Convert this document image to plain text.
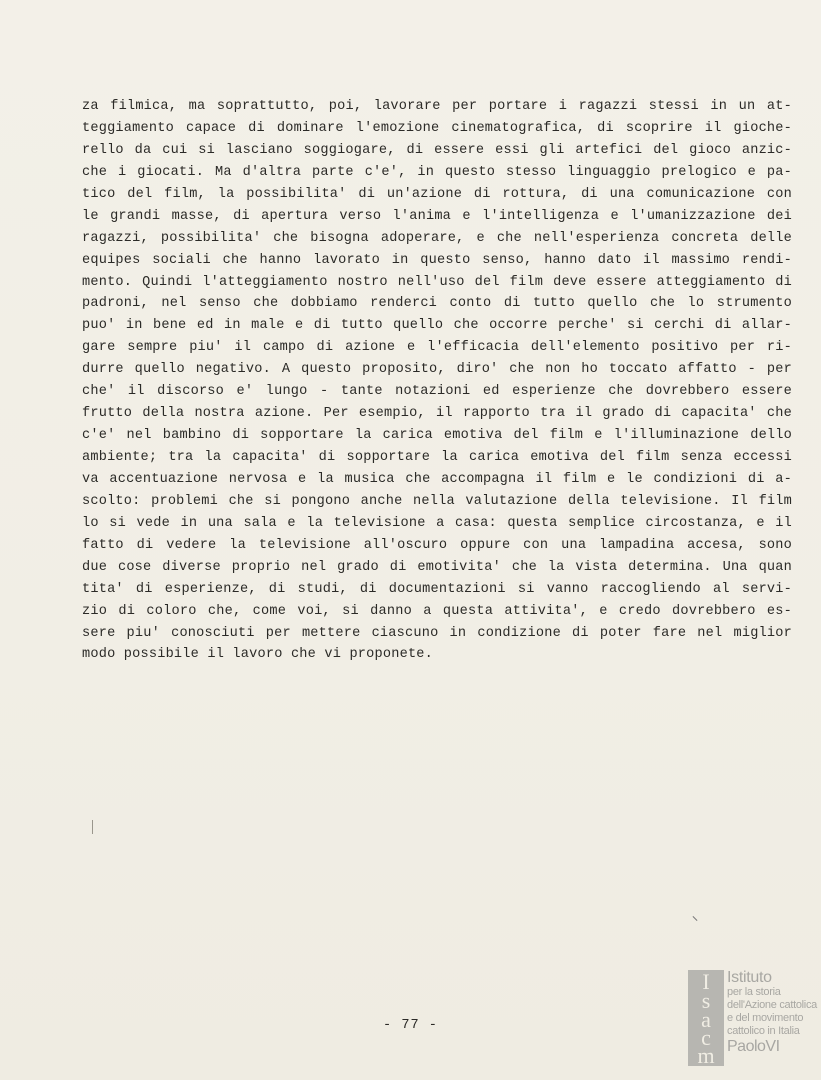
za filmica, ma soprattutto, poi, lavorare per portare i ragazzi stessi in un at-
teggiamento capace di dominare l'emozione cinematografica, di scoprire il gioche-
rello da cui si lasciano soggiogare, di essere essi gli artefici del gioco anzic-
che i giocati. Ma d'altra parte c'e', in questo stesso linguaggio prelogico e pa-
tico del film, la possibilita' di un'azione di rottura, di una comunicazione con
le grandi masse, di apertura verso l'anima e l'intelligenza e l'umanizzazione dei
ragazzi, possibilita' che bisogna adoperare, e che nell'esperienza concreta delle
equipes sociali che hanno lavorato in questo senso, hanno dato il massimo rendi-
mento. Quindi l'atteggiamento nostro nell'uso del film deve essere atteggiamento di
padroni, nel senso che dobbiamo renderci conto di tutto quello che lo strumento
puo' in bene ed in male e di tutto quello che occorre perche' si cerchi di allar-
gare sempre piu' il campo di azione e l'efficacia dell'elemento positivo per ri-
durre quello negativo. A questo proposito, diro' che non ho toccato affatto - per
che' il discorso e' lungo - tante notazioni ed esperienze che dovrebbero essere
frutto della nostra azione. Per esempio, il rapporto tra il grado di capacita' che
c'e' nel bambino di sopportare la carica emotiva del film e l'illuminazione dello
ambiente; tra la capacita' di sopportare la carica emotiva del film senza eccessi
va accentuazione nervosa e la musica che accompagna il film e le condizioni di a-
scolto: problemi che si pongono anche nella valutazione della televisione. Il film
lo si vede in una sala e la televisione a casa: questa semplice circostanza, e il
fatto di vedere la televisione all'oscuro oppure con una lampadina accesa, sono
due cose diverse proprio nel grado di emotivita' che la vista determina. Una quan
tita' di esperienze, di studi, di documentazioni si vanno raccogliendo al servi-
zio di coloro che, come voi, si danno a questa attivita', e credo dovrebbero es-
sere piu' conosciuti per mettere ciascuno in condizione di poter fare nel miglior
modo possibile il lavoro che vi proponete.
- 77 -
I
s
a
c
m
Istituto
per la storia
dell'Azione cattolica
e del movimento
cattolico in Italia
PaoloVI
